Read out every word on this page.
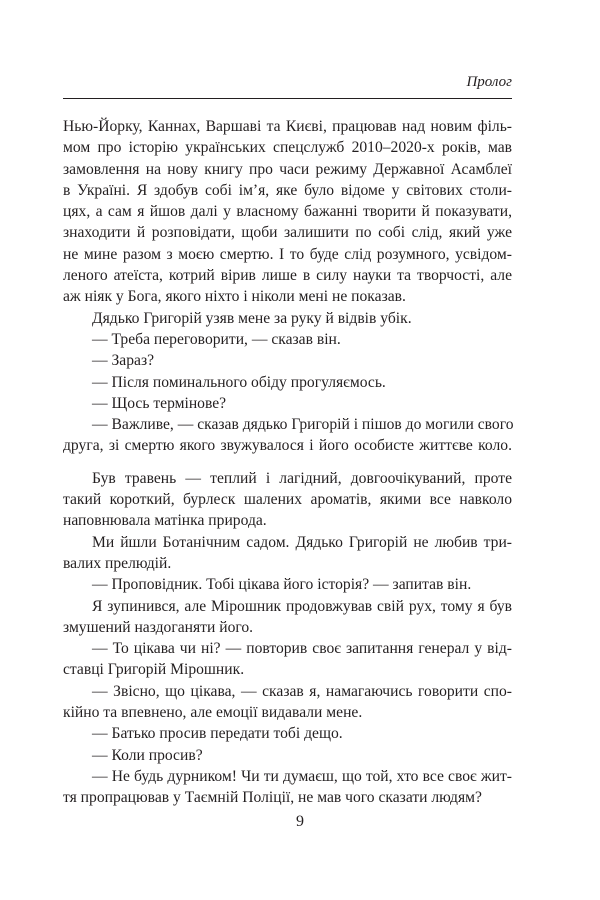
Пролог
Нью-Йорку, Каннах, Варшаві та Києві, працював над новим філь-
мом про історію українських спецслужб 2010–2020-х років, мав
замовлення на нову книгу про часи режиму Державної Асамблеї
в Україні. Я здобув собі ім’я, яке було відоме у світових столи-
цях, а сам я йшов далі у власному бажанні творити й показувати,
знаходити й розповідати, щоби залишити по собі слід, який уже
не мине разом з моєю смертю. І то буде слід розумного, усвідом-
леного атеїста, котрий вірив лише в силу науки та творчості, але
аж ніяк у Бога, якого ніхто і ніколи мені не показав.
Дядько Григорій узяв мене за руку й відвів убік.
— Треба переговорити, — сказав він.
— Зараз?
— Після поминального обіду прогуляємось.
— Щось термінове?
— Важливе, — сказав дядько Григорій і пішов до могили свого
друга, зі смертю якого звужувалося і його особисте життєве коло.
Був травень — теплий і лагідний, довгоочікуваний, проте
такий короткий, бурлеск шалених ароматів, якими все навколо
наповнювала матінка природа.
Ми йшли Ботанічним садом. Дядько Григорій не любив три-
валих прелюдій.
— Проповідник. Тобі цікава його історія? — запитав він.
Я зупинився, але Мірошник продовжував свій рух, тому я був
змушений наздоганяти його.
— То цікава чи ні? — повторив своє запитання генерал у від-
ставці Григорій Мірошник.
— Звісно, що цікава, — сказав я, намагаючись говорити спо-
кійно та впевнено, але емоції видавали мене.
— Батько просив передати тобі дещо.
— Коли просив?
— Не будь дурником! Чи ти думаєш, що той, хто все своє жит-
тя пропрацював у Таємній Поліції, не мав чого сказати людям?
9
